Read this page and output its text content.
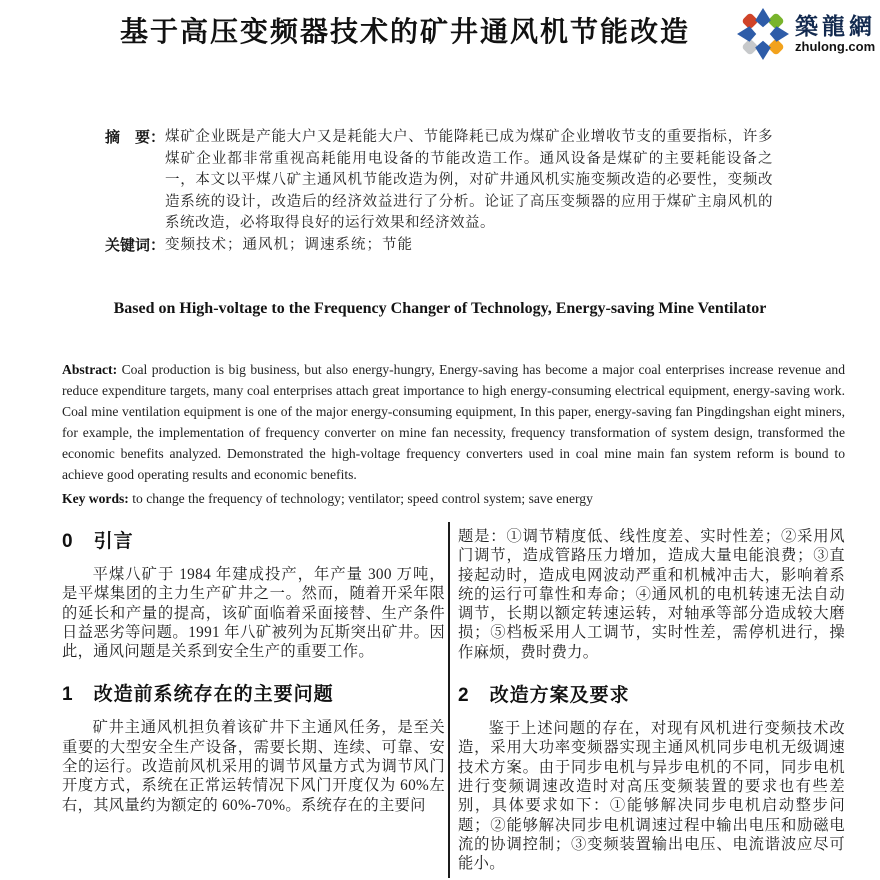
基于高压变频器技术的矿井通风机节能改造	築龍網
zhulong.com
摘　要： 煤矿企业既是产能大户又是耗能大户、节能降耗已成为煤矿企业增收节支的重要指标，许多煤矿企业都非常重视高耗能用电设备的节能改造工作。通风设备是煤矿的主要耗能设备之一，本文以平煤八矿主通风机节能改造为例，对矿井通风机实施变频改造的必要性，变频改造系统的设计，改造后的经济效益进行了分析。论证了高压变频器的应用于煤矿主扇风机的系统改造，必将取得良好的运行效果和经济效益。
关键词： 变频技术；通风机；调速系统；节能
Based on High-voltage to the Frequency Changer of Technology, Energy-saving Mine Ventilator
Abstract: Coal production is big business, but also energy-hungry, Energy-saving has become a major coal enterprises increase revenue and reduce expenditure targets, many coal enterprises attach great importance to high energy-consuming electrical equipment, energy-saving work. Coal mine ventilation equipment is one of the major energy-consuming equipment, In this paper, energy-saving fan Pingdingshan eight miners, for example, the implementation of frequency converter on mine fan necessity, frequency transformation of system design, transformed the economic benefits analyzed. Demonstrated the high-voltage frequency converters used in coal mine main fan system reform is bound to achieve good operating results and economic benefits.
Key words: to change the frequency of technology; ventilator; speed control system; save energy
0　引言

平煤八矿于 1984 年建成投产，年产量 300 万吨，是平煤集团的主力生产矿井之一。然而，随着开采年限的延长和产量的提高，该矿面临着采面接替、生产条件日益恶劣等问题。1991 年八矿被列为瓦斯突出矿井。因此，通风问题是关系到安全生产的重要工作。

1　改造前系统存在的主要问题

矿井主通风机担负着该矿井下主通风任务，是至关重要的大型安全生产设备，需要长期、连续、可靠、安全的运行。改造前风机采用的调节风量方式为调节风门开度方式，系统在正常运转情况下风门开度仅为 60%左右，其风量约为额定的 60%-70%。系统存在的主要问

题是：①调节精度低、线性度差、实时性差；②采用风门调节，造成管路压力增加，造成大量电能浪费；③直接起动时，造成电网波动严重和机械冲击大，影响着系统的运行可靠性和寿命；④通风机的电机转速无法自动调节，长期以额定转速运转，对轴承等部分造成较大磨损；⑤档板采用人工调节，实时性差，需停机进行，操作麻烦，费时费力。

2　改造方案及要求

鉴于上述问题的存在，对现有风机进行变频技术改造，采用大功率变频器实现主通风机同步电机无级调速技术方案。由于同步电机与异步电机的不同，同步电机进行变频调速改造时对高压变频装置的要求也有些差别，具体要求如下：①能够解决同步电机启动整步问题；②能够解决同步电机调速过程中输出电压和励磁电流的协调控制；③变频装置输出电压、电流谐波应尽可能小。
